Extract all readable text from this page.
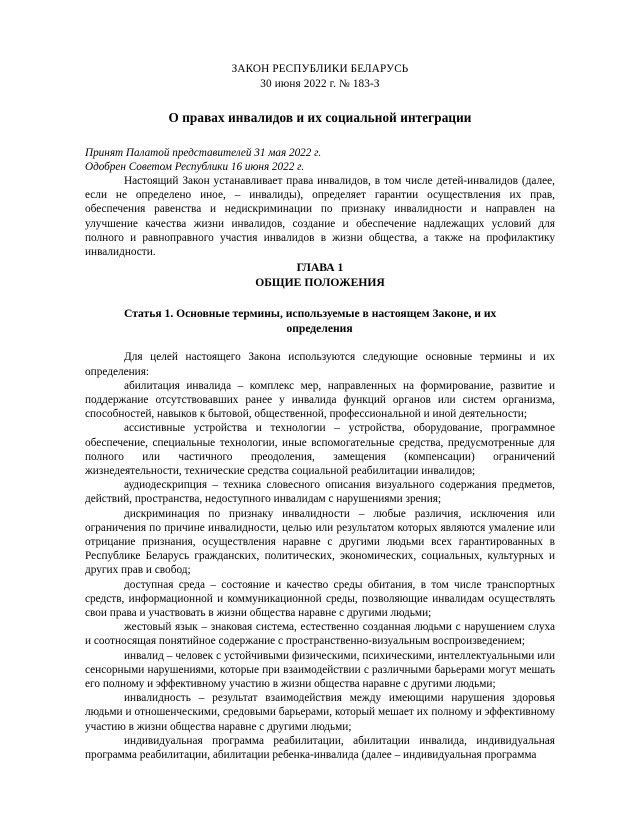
ЗАКОН РЕСПУБЛИКИ БЕЛАРУСЬ
30 июня 2022 г. № 183-З
О правах инвалидов и их социальной интеграции
Принят Палатой представителей 31 мая 2022 г.
Одобрен Советом Республики 16 июня 2022 г.

Настоящий Закон устанавливает права инвалидов, в том числе детей-инвалидов (далее, если не определено иное, – инвалиды), определяет гарантии осуществления их прав, обеспечения равенства и недискриминации по признаку инвалидности и направлен на улучшение качества жизни инвалидов, создание и обеспечение надлежащих условий для полного и равноправного участия инвалидов в жизни общества, а также на профилактику инвалидности.

ГЛАВА 1
ОБЩИЕ ПОЛОЖЕНИЯ
Статья 1. Основные термины, используемые в настоящем Законе, и их
определения

Для целей настоящего Закона используются следующие основные термины и их определения:

абилитация инвалида – комплекс мер, направленных на формирование, развитие и поддержание отсутствовавших ранее у инвалида функций органов или систем организма, способностей, навыков к бытовой, общественной, профессиональной и иной деятельности;

ассистивные устройства и технологии – устройства, оборудование, программное обеспечение, специальные технологии, иные вспомогательные средства, предусмотренные для полного или частичного преодоления, замещения (компенсации) ограничений жизнедеятельности, технические средства социальной реабилитации инвалидов;

аудиодескрипция – техника словесного описания визуального содержания предметов, действий, пространства, недоступного инвалидам с нарушениями зрения;

дискриминация по признаку инвалидности – любые различия, исключения или ограничения по причине инвалидности, целью или результатом которых являются умаление или отрицание признания, осуществления наравне с другими людьми всех гарантированных в Республике Беларусь гражданских, политических, экономических, социальных, культурных и других прав и свобод;

доступная среда – состояние и качество среды обитания, в том числе транспортных средств, информационной и коммуникационной среды, позволяющие инвалидам осуществлять свои права и участвовать в жизни общества наравне с другими людьми;

жестовый язык – знаковая система, естественно созданная людьми с нарушением слуха и соотносящая понятийное содержание с пространственно-визуальным воспроизведением;

инвалид – человек с устойчивыми физическими, психическими, интеллектуальными или сенсорными нарушениями, которые при взаимодействии с различными барьерами могут мешать его полному и эффективному участию в жизни общества наравне с другими людьми;

инвалидность – результат взаимодействия между имеющими нарушения здоровья людьми и отношенческими, средовыми барьерами, который мешает их полному и эффективному участию в жизни общества наравне с другими людьми;

индивидуальная программа реабилитации, абилитации инвалида, индивидуальная программа реабилитации, абилитации ребенка-инвалида (далее – индивидуальная программа
